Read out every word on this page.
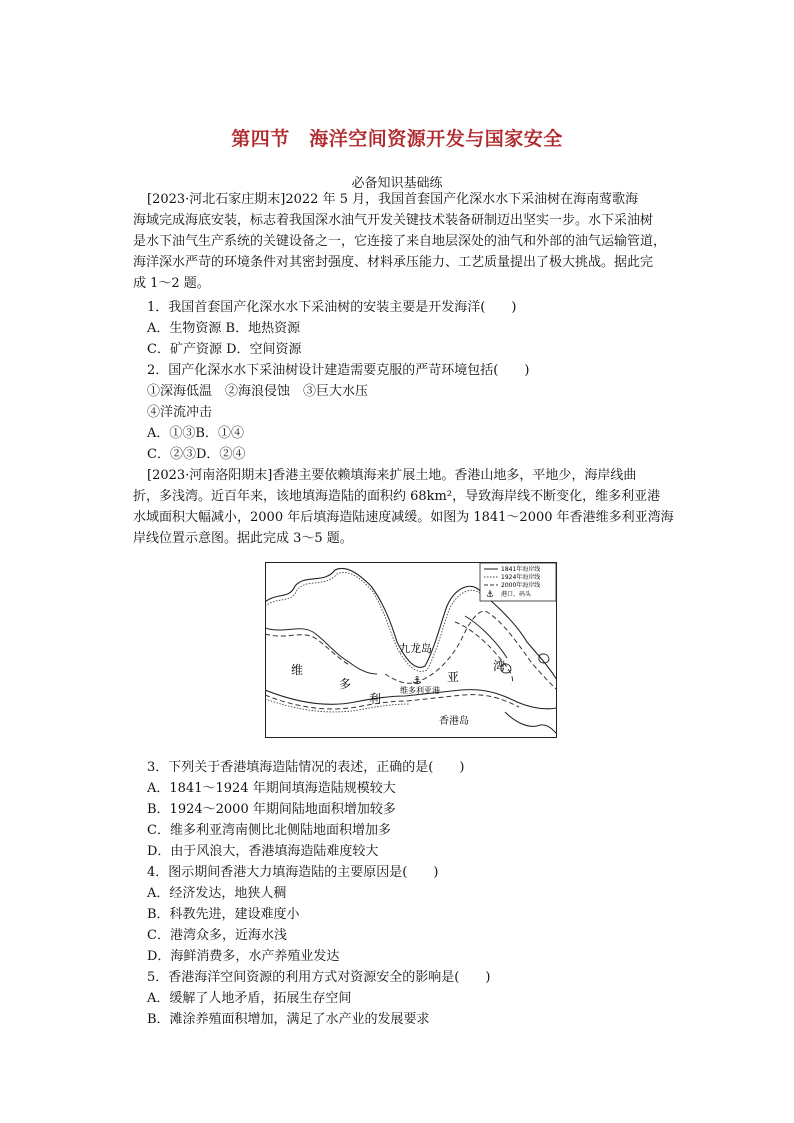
第四节　海洋空间资源开发与国家安全
必备知识基础练

[2023·河北石家庄期末]2022 年 5 月，我国首套国产化深水水下采油树在海南莺歌海

海域完成海底安装，标志着我国深水油气开发关键技术装备研制迈出坚实一步。水下采油树

是水下油气生产系统的关键设备之一，它连接了来自地层深处的油气和外部的油气运输管道，

海洋深水严苛的环境条件对其密封强度、材料承压能力、工艺质量提出了极大挑战。据此完

成 1～2 题。

1．我国首套国产化深水水下采油树的安装主要是开发海洋(　　)

A．生物资源 B．地热资源

C．矿产资源 D．空间资源

2．国产化深水水下采油树设计建造需要克服的严苛环境包括(　　)

①深海低温　②海浪侵蚀　③巨大水压

④洋流冲击

A．①③B．①④

C．②③D．②④

[2023·河南洛阳期末]香港主要依赖填海来扩展土地。香港山地多，平地少，海岸线曲

折，多浅湾。近百年来，该地填海造陆的面积约 68km²，导致海岸线不断变化，维多利亚港

水域面积大幅减小，2000 年后填海造陆速度减缓。如图为 1841～2000 年香港维多利亚湾海

岸线位置示意图。据此完成 3～5 题。

⚓
1841年海岸线
1924年海岸线
2000年海岸线
港口、码头
⚓
九龙岛
维
多
利
亚
湾
维多利亚港
香港岛

3．下列关于香港填海造陆情况的表述，正确的是(　　)

A．1841～1924 年期间填海造陆规模较大

B．1924～2000 年期间陆地面积增加较多

C．维多利亚湾南侧比北侧陆地面积增加多

D．由于风浪大，香港填海造陆难度较大

4．图示期间香港大力填海造陆的主要原因是(　　)

A．经济发达，地狭人稠

B．科教先进，建设难度小

C．港湾众多，近海水浅

D．海鲜消费多，水产养殖业发达

5．香港海洋空间资源的利用方式对资源安全的影响是(　　)

A．缓解了人地矛盾，拓展生存空间

B．滩涂养殖面积增加，满足了水产业的发展要求
